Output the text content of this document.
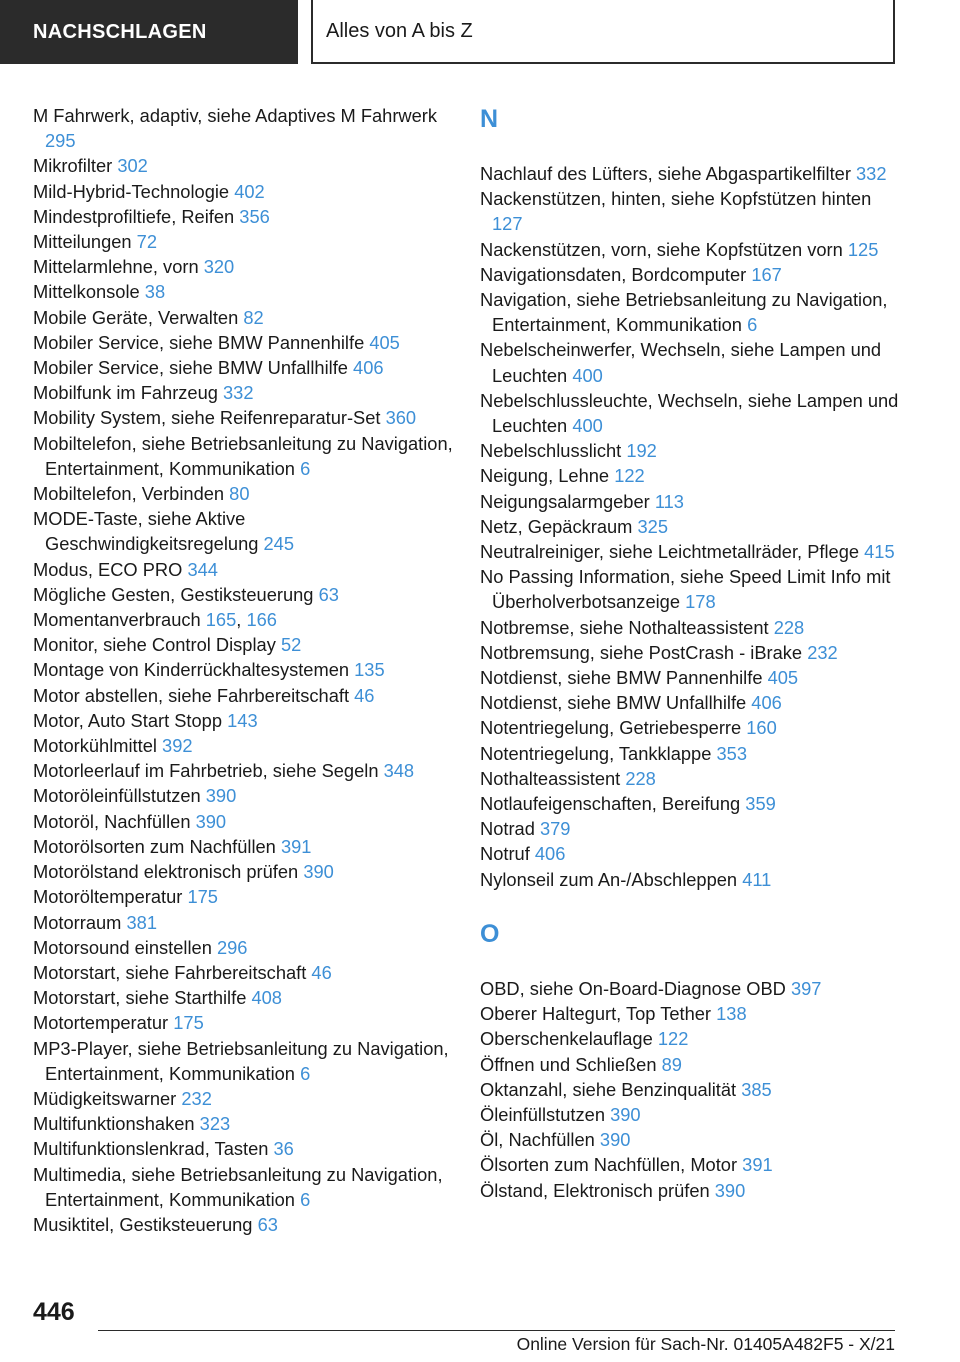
NACHSCHLAGEN	Alles von A bis Z
M Fahrwerk, adaptiv, siehe Adaptives M Fahrwerk 295
Mikrofilter 302
Mild-Hybrid-Technologie 402
Mindestprofiltiefe, Reifen 356
Mitteilungen 72
Mittelarmlehne, vorn 320
Mittelkonsole 38
Mobile Geräte, Verwalten 82
Mobiler Service, siehe BMW Pannenhilfe 405
Mobiler Service, siehe BMW Unfallhilfe 406
Mobilfunk im Fahrzeug 332
Mobility System, siehe Reifenreparatur-Set 360
Mobiltelefon, siehe Betriebsanleitung zu Navigation, Entertainment, Kommunikation 6
Mobiltelefon, Verbinden 80
MODE-Taste, siehe Aktive Geschwindigkeitsregelung 245
Modus, ECO PRO 344
Mögliche Gesten, Gestiksteuerung 63
Momentanverbrauch 165, 166
Monitor, siehe Control Display 52
Montage von Kinderrückhaltesystemen 135
Motor abstellen, siehe Fahrbereitschaft 46
Motor, Auto Start Stopp 143
Motorkühlmittel 392
Motorleerlauf im Fahrbetrieb, siehe Segeln 348
Motoröleinfüllstutzen 390
Motoröl, Nachfüllen 390
Motorölsorten zum Nachfüllen 391
Motorölstand elektronisch prüfen 390
Motoröltemperatur 175
Motorraum 381
Motorsound einstellen 296
Motorstart, siehe Fahrbereitschaft 46
Motorstart, siehe Starthilfe 408
Motortemperatur 175
MP3-Player, siehe Betriebsanleitung zu Navigation, Entertainment, Kommunikation 6
Müdigkeitswarner 232
Multifunktionshaken 323
Multifunktionslenkrad, Tasten 36
Multimedia, siehe Betriebsanleitung zu Navigation, Entertainment, Kommunikation 6
Musiktitel, Gestiksteuerung 63
N
Nachlauf des Lüfters, siehe Abgaspartikelfilter 332
Nackenstützen, hinten, siehe Kopfstützen hinten 127
Nackenstützen, vorn, siehe Kopfstützen vorn 125
Navigationsdaten, Bordcomputer 167
Navigation, siehe Betriebsanleitung zu Navigation, Entertainment, Kommunikation 6
Nebelscheinwerfer, Wechseln, siehe Lampen und Leuchten 400
Nebelschlussleuchte, Wechseln, siehe Lampen und Leuchten 400
Nebelschlusslicht 192
Neigung, Lehne 122
Neigungsalarmgeber 113
Netz, Gepäckraum 325
Neutralreiniger, siehe Leichtmetallräder, Pflege 415
No Passing Information, siehe Speed Limit Info mit Überholverbotsanzeige 178
Notbremse, siehe Nothalteassistent 228
Notbremsung, siehe PostCrash - iBrake 232
Notdienst, siehe BMW Pannenhilfe 405
Notdienst, siehe BMW Unfallhilfe 406
Notentriegelung, Getriebesperre 160
Notentriegelung, Tankklappe 353
Nothalteassistent 228
Notlaufeigenschaften, Bereifung 359
Notrad 379
Notruf 406
Nylonseil zum An-/Abschleppen 411
O
OBD, siehe On-Board-Diagnose OBD 397
Oberer Haltegurt, Top Tether 138
Oberschenkelauflage 122
Öffnen und Schließen 89
Oktanzahl, siehe Benzinqualität 385
Öleinfüllstutzen 390
Öl, Nachfüllen 390
Ölsorten zum Nachfüllen, Motor 391
Ölstand, Elektronisch prüfen 390
446
Online Version für Sach-Nr. 01405A482F5 - X/21
